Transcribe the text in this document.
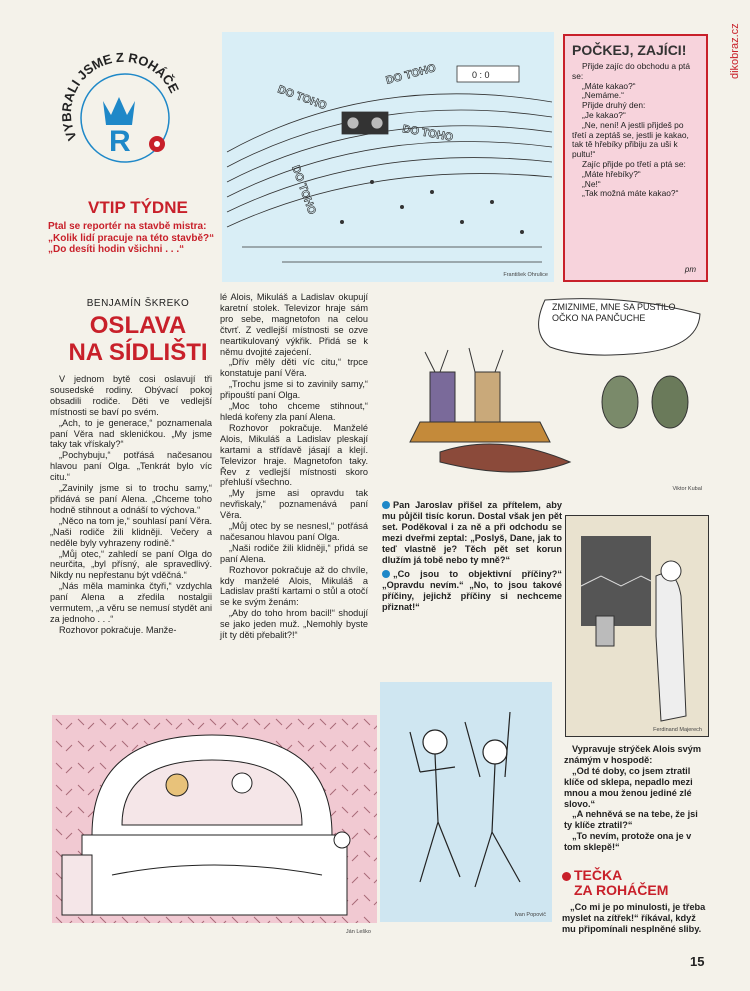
dikobraz.cz
VYBRALI JSME Z ROHÁČE
R
VTIP TÝDNE
Ptal se reportér na stavbě mistra:
„Kolik lidí pracuje na této stavbě?“
„Do desíti hodin všichni . . .“
0 : 0
DO TOHO
DO TOHO
DO TOHO
DO TOHO
František Ohrulice
POČKEJ, ZAJÍCI!
Přijde zajíc do obchodu a ptá se:
„Máte kakao?“
„Nemáme.“
Přijde druhý den:
„Je kakao?“
„Ne, není! A jestli přijdeš po třetí a zeptáš se, jestli je kakao, tak tě hřebíky přibiju za uši k pultu!“
Zajíc přijde po třetí a ptá se:
„Máte hřebíky?“
„Ne!“
„Tak možná máte kakao?“
pm
BENJAMÍN ŠKREKO
OSLAVA
NA SÍDLIŠTI

V jednom bytě cosi oslavují tři sousedské rodiny. Obývací pokoj obsadili rodiče. Děti ve vedlejší místnosti se baví po svém.

„Ach, to je generace,“ poznamenala paní Věra nad sklenićkou. „My jsme taky tak vřískaly?“

„Pochybuju,“ potřásá načesanou hlavou paní Olga. „Tenkrát bylo víc citu.“

„Zavinily jsme si to trochu samy,“ přidává se paní Alena. „Chceme toho hodně stihnout a odnáší to výchova.“

„Něco na tom je,“ souhlasí paní Věra. „Naši rodiče žili klidněji. Večery a neděle byly vyhrazeny rodině.“

„Můj otec,“ zahledí se paní Olga do neurčita, „byl přísný, ale spravedlivý. Nikdy nu nepřestanu být vděčná.“

„Nás měla maminka čtyři,“ vzdychla paní Alena a zředila nostalgii vermutem, „a věru se nemusí stydět ani za jednoho . . .“

Rozhovor pokračuje. Manže-

lé Alois, Mikuláš a Ladislav okupují karetní stolek. Televizor hraje sám pro sebe, magnetofon na celou čtvrť. Z vedlejší místnosti se ozve neartikulovaný výkřik. Přidá se k němu dvojité zajećení.

„Dřív měly děti víc citu,“ trpce konstatuje paní Věra.

„Trochu jsme si to zavinily samy,“ připouští paní Olga.

„Moc toho chceme stihnout,“ hledá kořeny zla paní Alena.

Rozhovor pokračuje. Manželé Alois, Mikuláš a Ladislav pleskají kartami a střídavě jásají a klejí. Televizor hraje. Magnetofon taky. Řev z vedlejší místnosti skoro přehluší všechno.

„My jsme asi opravdu tak nevřiskaly,“ poznamenává paní Věra.

„Můj otec by se nesnesl,“ potřásá načesanou hlavou paní Olga.

„Naši rodiče žili klidněji,“ přidá se paní Alena.

Rozhovor pokračuje až do chvíle, kdy manželé Alois, Mikuláš a Ladislav praští kartami o stůl a otočí se ke svým ženám:

„Aby do toho hrom bacil!“ shodují se jako jeden muž. „Nemohly byste jít ty děti přebalit?!“

ZMIZNIME, MNE SA PUSTILO OČKO NA PANČUCHE
Viktor Kubal
Pan Jaroslav přišel za přítelem, aby mu půjčil tisíc korun. Dostal však jen pět set. Poděkoval i za ně a při odchodu se mezi dveřmi zeptal: „Poslyš, Dane, jak to teď vlastně je? Těch pět set korun dlužím já tobě nebo ty mně?“
„Co jsou to objektivní příčiny?“ „Opravdu nevím.“ „No, to jsou takové příčiny, jejichž příčiny si nechceme přiznat!“
Ferdinand Majerech
Vypravuje strýček Alois svým známým v hospodě:
„Od té doby, co jsem ztratil klíče od sklepa, nepadlo mezi mnou a mou ženou jediné zlé slovo.“
„A nehněvá se na tebe, že jsi ty klíče ztratil?“
„To nevím, protože ona je v tom sklepě!“
Ivan Popovič
Ján Leško
TEČKA
ZA ROHÁČEM
„Co mi je po minulosti, je třeba myslet na zítřek!“ říkával, když mu připomínali nesplněné sliby.
15
